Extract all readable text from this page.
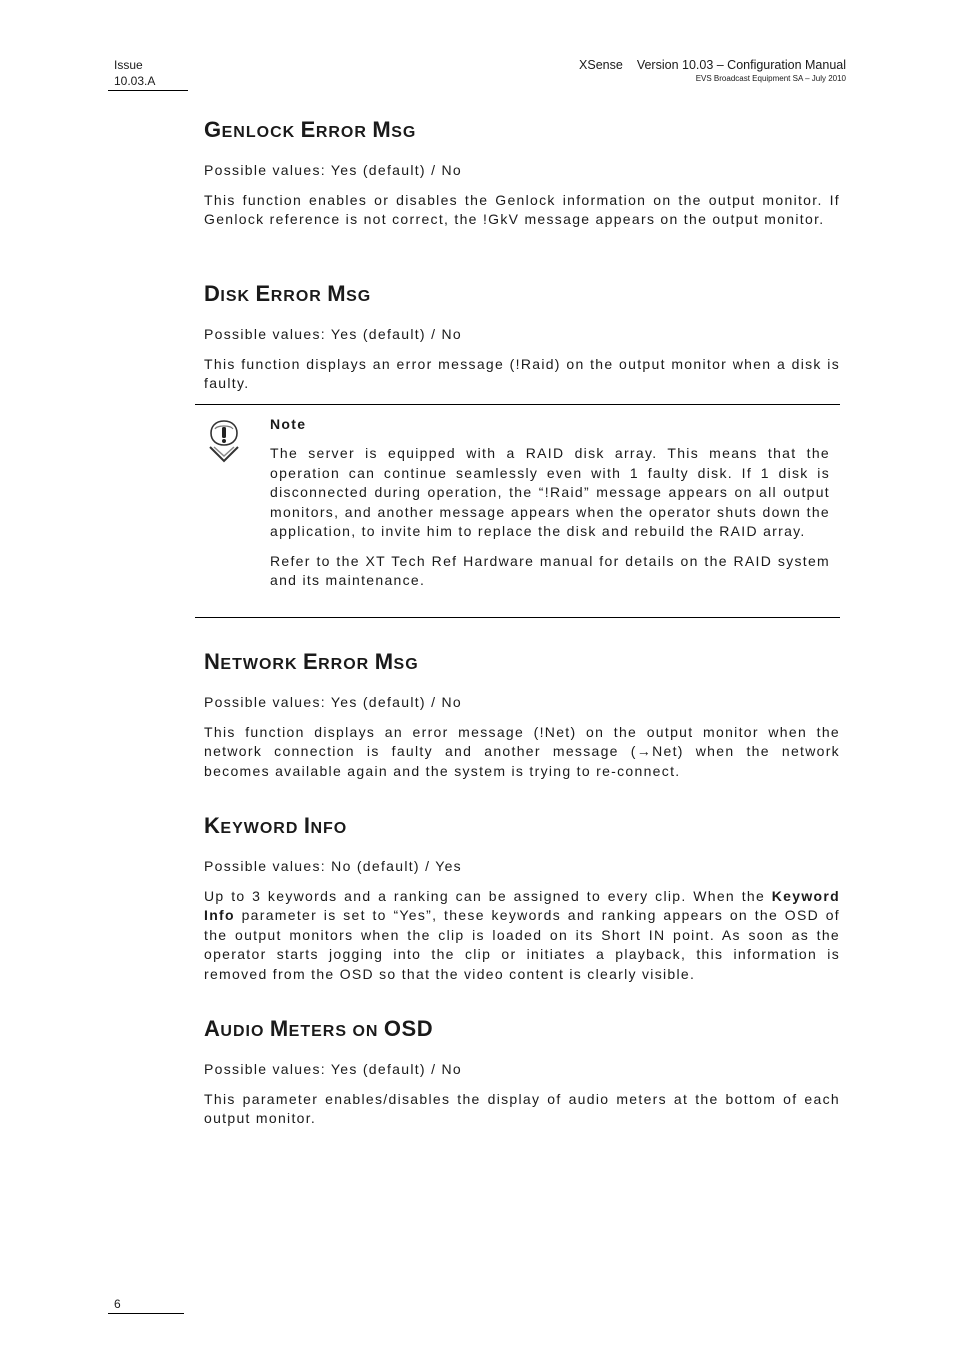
Issue
10.03.A
XSense Version 10.03 – Configuration Manual
EVS Broadcast Equipment SA – July 2010
GENLOCK ERROR MSG

Possible values: Yes (default) / No

This function enables or disables the Genlock information on the output monitor. If Genlock reference is not correct, the !GkV message appears on the output monitor.

DISK ERROR MSG

Possible values: Yes (default) / No

This function displays an error message (!Raid) on the output monitor when a disk is faulty.

Note

The server is equipped with a RAID disk array. This means that the operation can continue seamlessly even with 1 faulty disk. If 1 disk is disconnected during operation, the “!Raid” message appears on all output monitors, and another message appears when the operator shuts down the application, to invite him to replace the disk and rebuild the RAID array.

Refer to the XT Tech Ref Hardware manual for details on the RAID system and its maintenance.

NETWORK ERROR MSG

Possible values: Yes (default) / No

This function displays an error message (!Net) on the output monitor when the network connection is faulty and another message (→Net) when the network becomes available again and the system is trying to re-connect.

KEYWORD INFO

Possible values: No (default) / Yes

Up to 3 keywords and a ranking can be assigned to every clip. When the Keyword Info parameter is set to “Yes”, these keywords and ranking appears on the OSD of the output monitors when the clip is loaded on its Short IN point. As soon as the operator starts jogging into the clip or initiates a playback, this information is removed from the OSD so that the video content is clearly visible.

AUDIO METERS ON OSD

Possible values: Yes (default) / No

This parameter enables/disables the display of audio meters at the bottom of each output monitor.

6
